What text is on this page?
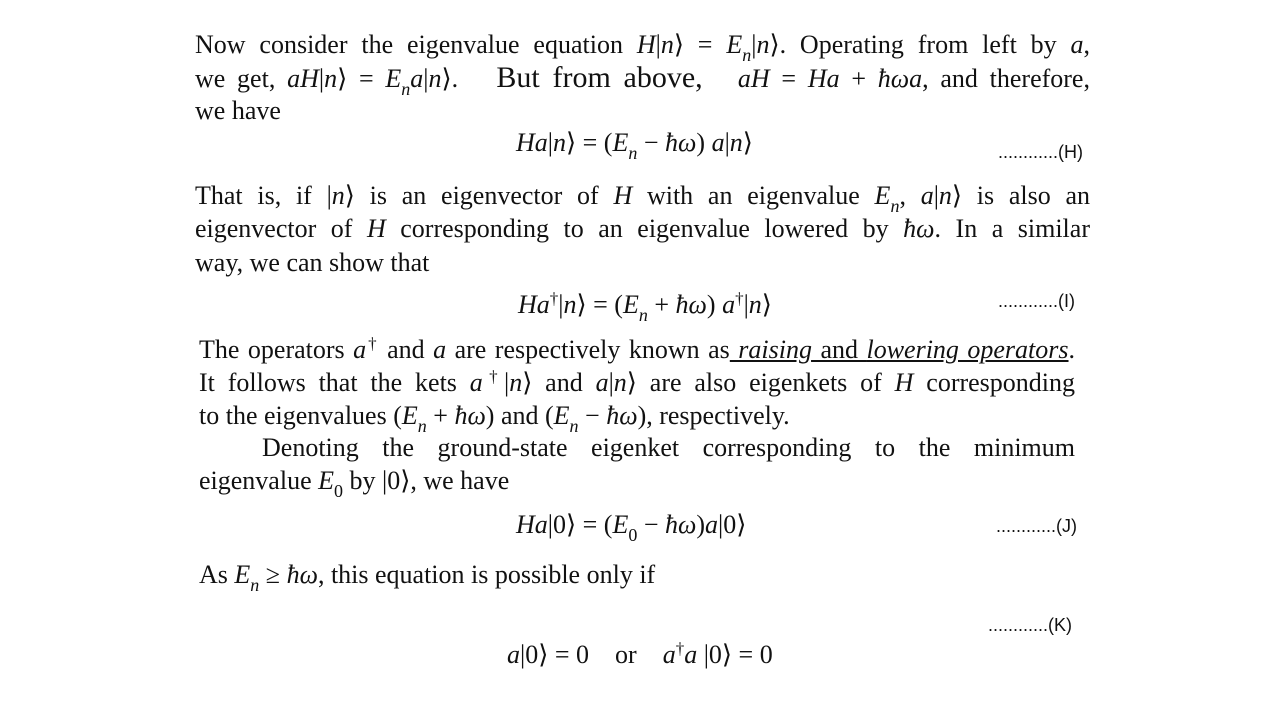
Now consider the eigenvalue equation H|n⟩ = $E_n|n⟩$. Operating from left by a,
we get, aH|n⟩ = $E_na|n⟩$.   But from above, aH = Ha + ħωa, and therefore,
we have
Ha|n⟩ = ($E_n$ − ħω) a|n⟩	............(H)
That is, if |n⟩ is an eigenvector of H with an eigenvalue $E_n$, a|n⟩ is also an
eigenvector of H corresponding to an eigenvalue lowered by ħω. In a similar
way, we can show that
Ha†|n⟩ = ($E_n$ + ħω) a†|n⟩	............(I)
The operators a† and a are respectively known as raising and lowering operators.
It follows that the kets a†|n⟩ and a|n⟩ are also eigenkets of H corresponding
to the eigenvalues ($E_n$ + ħω) and ($E_n$ − ħω), respectively.
Denoting the ground-state eigenket corresponding to the minimum
eigenvalue $E_0$ by |0⟩, we have
Ha|0⟩ = ($E_0$ − ħω)a|0⟩	............(J)
As $E_n$ ≥ ħω, this equation is possible only if

a|0⟩ = 0    or    a†a |0⟩ = 0

............(K)
